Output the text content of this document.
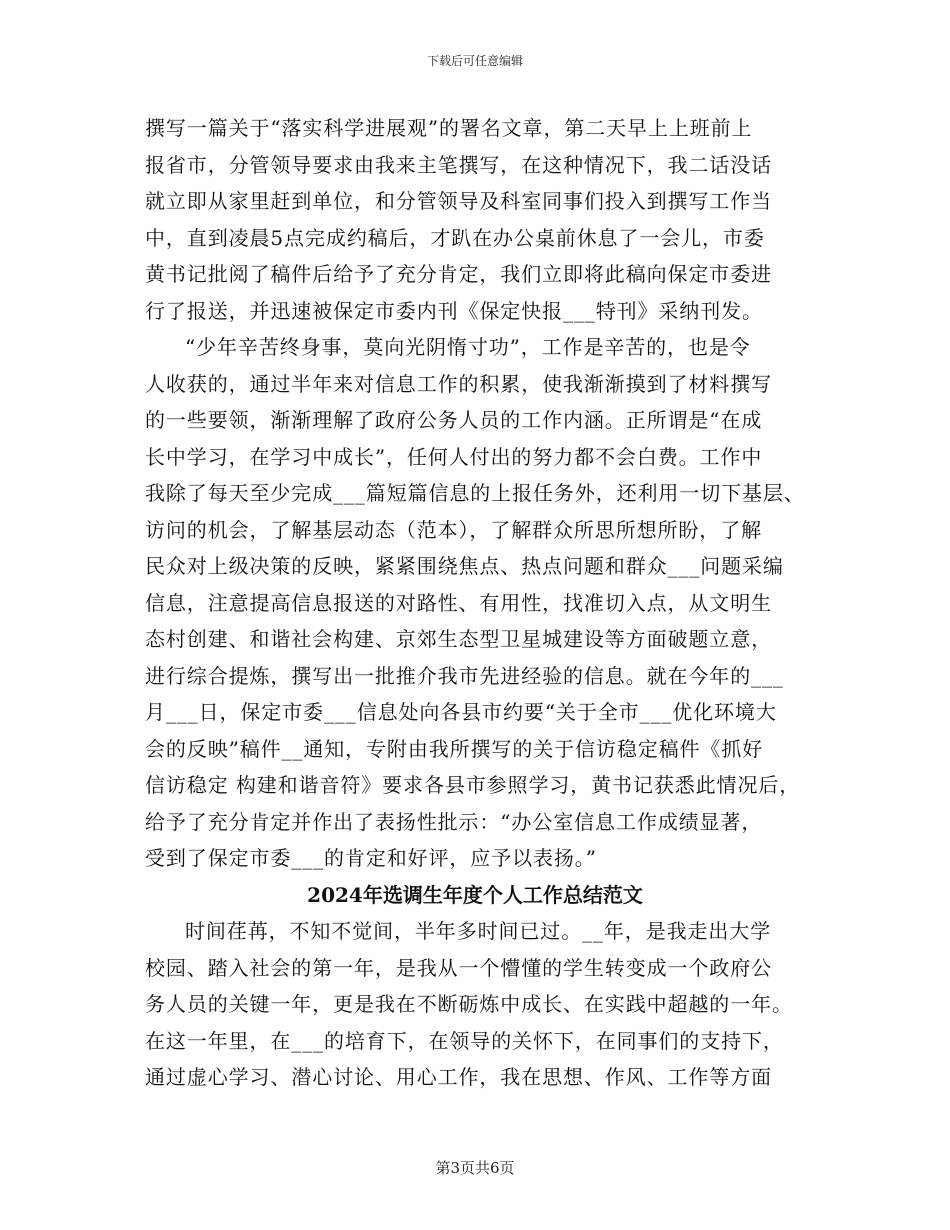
下载后可任意编辑
撰写一篇关于“落实科学进展观”的署名文章，第二天早上上班前上
报省市，分管领导要求由我来主笔撰写，在这种情况下，我二话没话
就立即从家里赶到单位，和分管领导及科室同事们投入到撰写工作当
中，直到凌晨5点完成约稿后，才趴在办公桌前休息了一会儿，市委
黄书记批阅了稿件后给予了充分肯定，我们立即将此稿向保定市委进
行了报送，并迅速被保定市委内刊《保定快报___特刊》采纳刊发。
“少年辛苦终身事，莫向光阴惰寸功”，工作是辛苦的，也是令
人收获的，通过半年来对信息工作的积累，使我渐渐摸到了材料撰写
的一些要领，渐渐理解了政府公务人员的工作内涵。正所谓是“在成
长中学习，在学习中成长”，任何人付出的努力都不会白费。工作中
我除了每天至少完成___篇短篇信息的上报任务外，还利用一切下基层、
访问的机会，了解基层动态（范本），了解群众所思所想所盼，了解
民众对上级决策的反映，紧紧围绕焦点、热点问题和群众___问题采编
信息，注意提高信息报送的对路性、有用性，找准切入点，从文明生
态村创建、和谐社会构建、京郊生态型卫星城建设等方面破题立意，
进行综合提炼，撰写出一批推介我市先进经验的信息。就在今年的___
月___日，保定市委___信息处向各县市约要“关于全市___优化环境大
会的反映”稿件__通知，专附由我所撰写的关于信访稳定稿件《抓好
信访稳定 构建和谐音符》要求各县市参照学习，黄书记获悉此情况后，
给予了充分肯定并作出了表扬性批示：“办公室信息工作成绩显著，
受到了保定市委___的肯定和好评，应予以表扬。”
2024年选调生年度个人工作总结范文
时间荏苒，不知不觉间，半年多时间已过。__年，是我走出大学
校园、踏入社会的第一年，是我从一个懵懂的学生转变成一个政府公
务人员的关键一年，更是我在不断砺炼中成长、在实践中超越的一年。
在这一年里，在___的培育下，在领导的关怀下，在同事们的支持下，
通过虚心学习、潜心讨论、用心工作，我在思想、作风、工作等方面
第3页共6页
